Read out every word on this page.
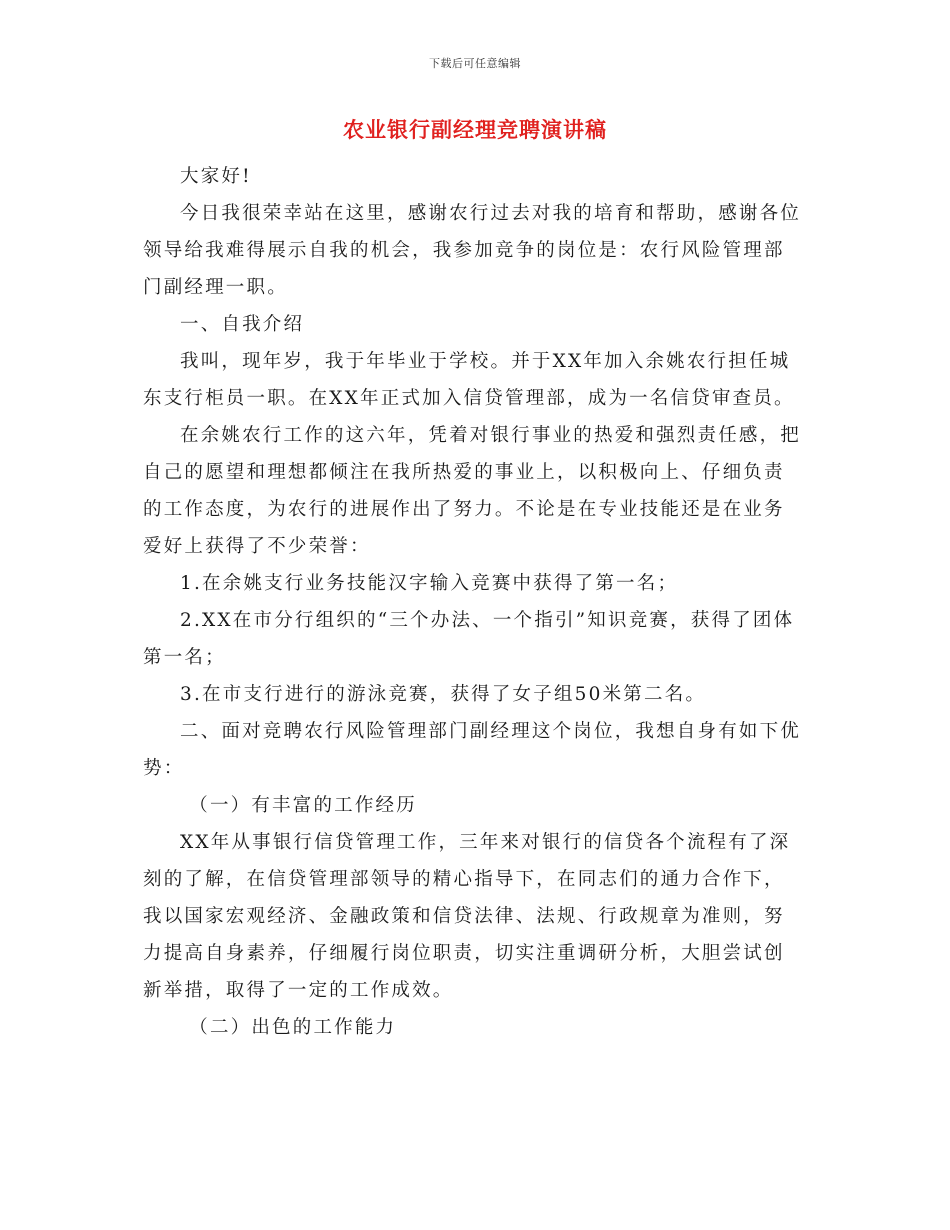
下载后可任意编辑
农业银行副经理竞聘演讲稿

大家好!

今日我很荣幸站在这里，感谢农行过去对我的培育和帮助，感谢各位领导给我难得展示自我的机会，我参加竞争的岗位是：农行风险管理部门副经理一职。

一、自我介绍

我叫，现年岁，我于年毕业于学校。并于XX年加入余姚农行担任城东支行柜员一职。在XX年正式加入信贷管理部，成为一名信贷审查员。

在余姚农行工作的这六年，凭着对银行事业的热爱和强烈责任感，把自己的愿望和理想都倾注在我所热爱的事业上，以积极向上、仔细负责的工作态度，为农行的进展作出了努力。不论是在专业技能还是在业务爱好上获得了不少荣誉：

1.在余姚支行业务技能汉字输入竞赛中获得了第一名；

2.XX在市分行组织的“三个办法、一个指引”知识竞赛，获得了团体第一名；

3.在市支行进行的游泳竞赛，获得了女子组50米第二名。

二、面对竞聘农行风险管理部门副经理这个岗位，我想自身有如下优势：

（一）有丰富的工作经历

XX年从事银行信贷管理工作，三年来对银行的信贷各个流程有了深刻的了解，在信贷管理部领导的精心指导下，在同志们的通力合作下，我以国家宏观经济、金融政策和信贷法律、法规、行政规章为准则，努力提高自身素养，仔细履行岗位职责，切实注重调研分析，大胆尝试创新举措，取得了一定的工作成效。

（二）出色的工作能力
